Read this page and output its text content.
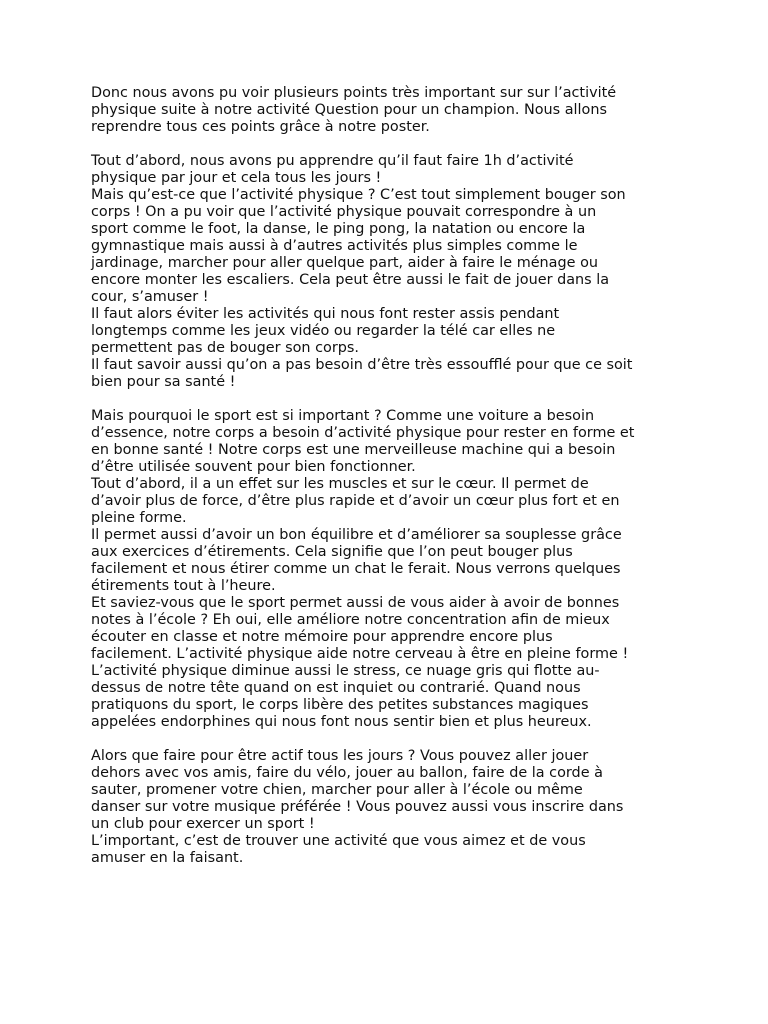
Donc nous avons pu voir plusieurs points très important sur sur l’activité
physique suite à notre activité Question pour un champion. Nous allons
reprendre tous ces points grâce à notre poster.
Tout d’abord, nous avons pu apprendre qu’il faut faire 1h d’activité
physique par jour et cela tous les jours !
Mais qu’est-ce que l’activité physique ? C’est tout simplement bouger son
corps ! On a pu voir que l’activité physique pouvait correspondre à un
sport comme le foot, la danse, le ping pong, la natation ou encore la
gymnastique mais aussi à d’autres activités plus simples comme le
jardinage, marcher pour aller quelque part, aider à faire le ménage ou
encore monter les escaliers. Cela peut être aussi le fait de jouer dans la
cour, s’amuser !
Il faut alors éviter les activités qui nous font rester assis pendant
longtemps comme les jeux vidéo ou regarder la télé car elles ne
permettent pas de bouger son corps.
Il faut savoir aussi qu’on a pas besoin d’être très essoufflé pour que ce soit
bien pour sa santé !
Mais pourquoi le sport est si important ? Comme une voiture a besoin
d’essence, notre corps a besoin d’activité physique pour rester en forme et
en bonne santé ! Notre corps est une merveilleuse machine qui a besoin
d’être utilisée souvent pour bien fonctionner.
Tout d’abord, il a un effet sur les muscles et sur le cœur. Il permet de
d’avoir plus de force, d’être plus rapide et d’avoir un cœur plus fort et en
pleine forme.
Il permet aussi d’avoir un bon équilibre et d’améliorer sa souplesse grâce
aux exercices d’étirements. Cela signifie que l’on peut bouger plus
facilement et nous étirer comme un chat le ferait. Nous verrons quelques
étirements tout à l’heure.
Et saviez-vous que le sport permet aussi de vous aider à avoir de bonnes
notes à l’école ? Eh oui, elle améliore notre concentration afin de mieux
écouter en classe et notre mémoire pour apprendre encore plus
facilement. L’activité physique aide notre cerveau à être en pleine forme !
L’activité physique diminue aussi le stress, ce nuage gris qui flotte au-
dessus de notre tête quand on est inquiet ou contrarié. Quand nous
pratiquons du sport, le corps libère des petites substances magiques
appelées endorphines qui nous font nous sentir bien et plus heureux.
Alors que faire pour être actif tous les jours ? Vous pouvez aller jouer
dehors avec vos amis, faire du vélo, jouer au ballon, faire de la corde à
sauter, promener votre chien, marcher pour aller à l’école ou même
danser sur votre musique préférée ! Vous pouvez aussi vous inscrire dans
un club pour exercer un sport !
L’important, c’est de trouver une activité que vous aimez et de vous
amuser en la faisant.
